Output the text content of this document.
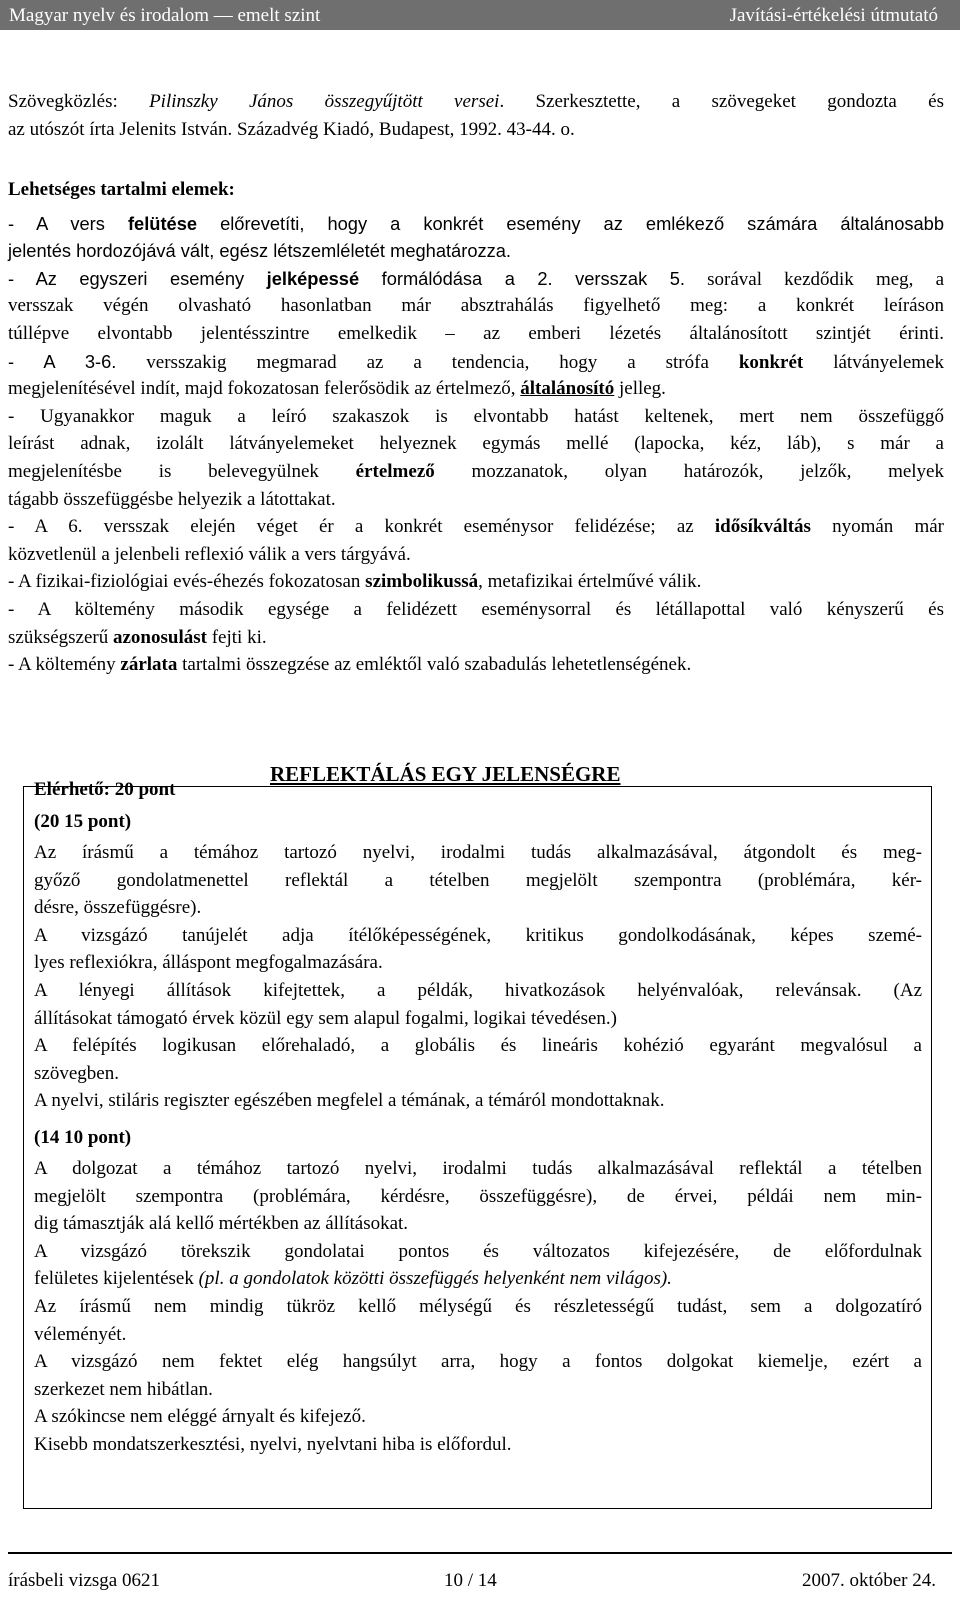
Magyar nyelv és irodalom — emelt szint	Javítási-értékelési útmutató
Szövegközlés: Pilinszky János összegyűjtött versei. Szerkesztette, a szövegeket gondozta és
az utószót írta Jelenits István. Századvég Kiadó, Budapest, 1992. 43-44. o.
Lehetséges tartalmi elemek:
- A vers felütése előrevetíti, hogy a konkrét esemény az emlékező számára általánosabb
jelentés hordozójává vált, egész létszemléletét meghatározza.
- Az egyszeri esemény jelképessé formálódása a 2. versszak 5. sorával kezdődik meg, a
versszak végén olvasható hasonlatban már absztrahálás figyelhető meg: a konkrét leíráson
túllépve elvontabb jelentésszintre emelkedik – az emberi lézetés általánosított szintjét érinti.
- A 3-6. versszakig megmarad az a tendencia, hogy a strófa konkrét látványelemek
megjelenítésével indít, majd fokozatosan felerősödik az értelmező, általánosító jelleg.
- Ugyanakkor maguk a leíró szakaszok is elvontabb hatást keltenek, mert nem összefüggő
leírást adnak, izolált látványelemeket helyeznek egymás mellé (lapocka, kéz, láb), s már a
megjelenítésbe is belevegyülnek értelmező mozzanatok, olyan határozók, jelzők, melyek
tágabb összefüggésbe helyezik a látottakat.
- A 6. versszak elején véget ér a konkrét eseménysor felidézése; az idősíkváltás nyomán már
közvetlenül a jelenbeli reflexió válik a vers tárgyává.
- A fizikai-fiziológiai evés-éhezés fokozatosan szimbolikussá, metafizikai értelművé válik.
- A költemény második egysége a felidézett eseménysorral és létállapottal való kényszerű és
szükségszerű azonosulást fejti ki.
- A költemény zárlata tartalmi összegzése az emléktől való szabadulás lehetetlenségének.
REFLEKTÁLÁS EGY JELENSÉGRE
Elérhető: 20 pont
(20 15 pont)
Az írásmű a témához tartozó nyelvi, irodalmi tudás alkalmazásával, átgondolt és meg-
győző gondolatmenettel reflektál a tételben megjelölt szempontra (problémára, kér-
désre, összefüggésre).
A vizsgázó tanújelét adja ítélőképességének, kritikus gondolkodásának, képes szemé-
lyes reflexiókra, álláspont megfogalmazására.
A lényegi állítások kifejtettek, a példák, hivatkozások helyénvalóak, relevánsak. (Az
állításokat támogató érvek közül egy sem alapul fogalmi, logikai tévedésen.)
A felépítés logikusan előrehaladó, a globális és lineáris kohézió egyaránt megvalósul a
szövegben.
A nyelvi, stiláris regiszter egészében megfelel a témának, a témáról mondottaknak.
(14 10 pont)
A dolgozat a témához tartozó nyelvi, irodalmi tudás alkalmazásával reflektál a tételben
megjelölt szempontra (problémára, kérdésre, összefüggésre), de érvei, példái nem min-
dig támasztják alá kellő mértékben az állításokat.
A vizsgázó törekszik gondolatai pontos és változatos kifejezésére, de előfordulnak
felületes kijelentések (pl. a gondolatok közötti összefüggés helyenként nem világos).
Az írásmű nem mindig tükröz kellő mélységű és részletességű tudást, sem a dolgozatíró
véleményét.
A vizsgázó nem fektet elég hangsúlyt arra, hogy a fontos dolgokat kiemelje, ezért a
szerkezet nem hibátlan.
A szókincse nem eléggé árnyalt és kifejező.
Kisebb mondatszerkesztési, nyelvi, nyelvtani hiba is előfordul.
írásbeli vizsga 0621	10 / 14	2007. október 24.
